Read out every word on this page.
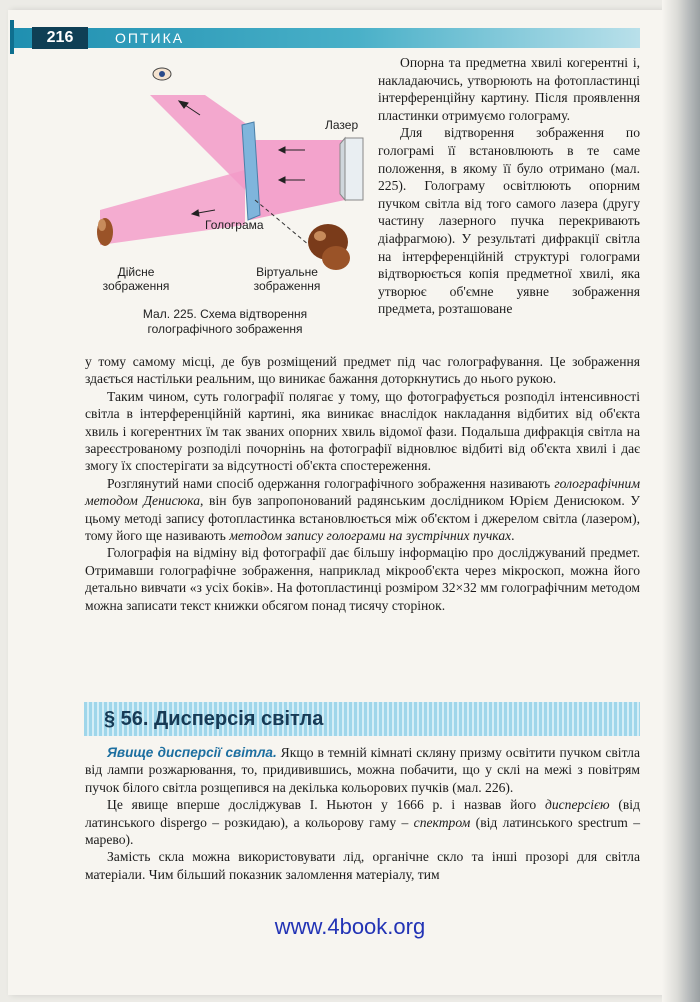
216	ОПТИКА
Лазер
Голограма
Дійсне
зображення
Віртуальне
зображення
Мал. 225. Схема відтворення
голографічного зображення

Опорна та предметна хвилі когерентні і, накладаючись, утворюють на фотопластинці інтерференційну картину. Після проявлення пластинки отримуємо голограму.

Для відтворення зображення по голограмі її встановлюють в те саме положення, в якому її було отримано (мал. 225). Голограму освітлюють опорним пучком світла від того самого лазера (другу частину лазерного пучка перекривають діафрагмою). У результаті дифракції світла на інтерференційній структурі голограми відтворюється копія предметної хвилі, яка утворює об'ємне уявне зображення предмета, розташоване

у тому самому місці, де був розміщений предмет під час голографування. Це зображення здається настільки реальним, що виникає бажання доторкнутись до нього рукою.

Таким чином, суть голографії полягає у тому, що фотографується розподіл інтенсивності світла в інтерференційній картині, яка виникає внаслідок накладання відбитих від об'єкта хвиль і когерентних їм так званих опорних хвиль відомої фази. Подальша дифракція світла на зареєстрованому розподілі почорнінь на фотографії відновлює відбиті від об'єкта хвилі і дає змогу їх спостерігати за відсутності об'єкта спостереження.

Розглянутий нами спосіб одержання голографічного зображення називають голографічним методом Денисюка, він був запропонований радянським дослідником Юрієм Денисюком. У цьому методі запису фотопластинка встановлюється між об'єктом і джерелом світла (лазером), тому його ще називають методом запису голограми на зустрічних пучках.

Голографія на відміну від фотографії дає більшу інформацію про досліджуваний предмет. Отримавши голографічне зображення, наприклад мікрооб'єкта через мікроскоп, можна його детально вивчати «з усіх боків». На фотопластинці розміром 32×32 мм голографічним методом можна записати текст книжки обсягом понад тисячу сторінок.

§ 56. Дисперсія світла

Явище дисперсії світла. Якщо в темній кімнаті скляну призму освітити пучком світла від лампи розжарювання, то, придивившись, можна побачити, що у склі на межі з повітрям пучок білого світла розщепився на декілька кольорових пучків (мал. 226).

Це явище вперше досліджував І. Ньютон у 1666 р. і назвав його дисперсією (від латинського dispergo – розкидаю), а кольорову гаму – спектром (від латинського spectrum – марево).

Замість скла можна використовувати лід, органічне скло та інші прозорі для світла матеріали. Чим більший показник заломлення матеріалу, тим

www.4book.org
